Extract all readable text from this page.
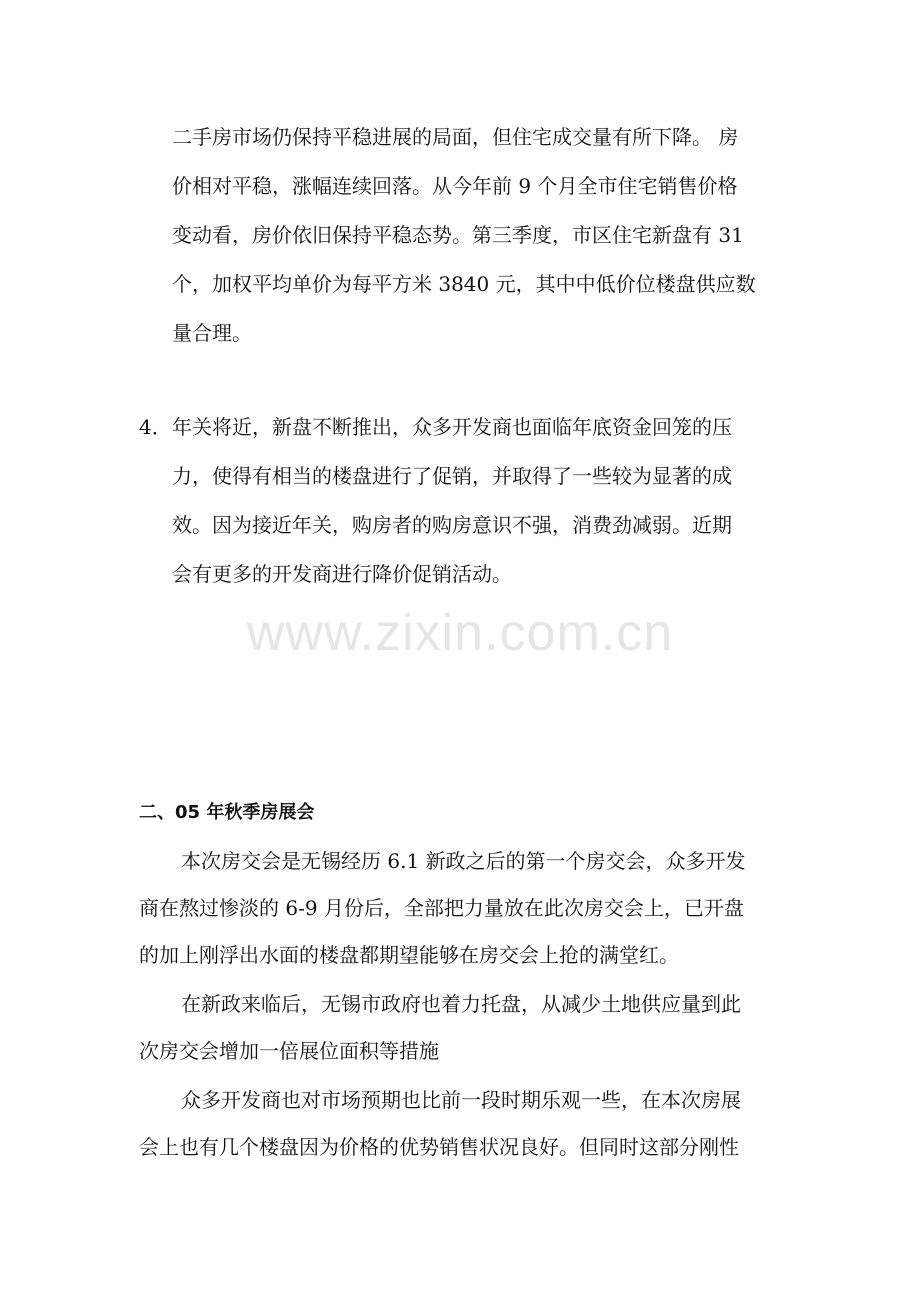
www.zixin.com.cn
二手房市场仍保持平稳进展的局面，但住宅成交量有所下降。 房
价相对平稳，涨幅连续回落。从今年前 9 个月全市住宅销售价格
变动看，房价依旧保持平稳态势。第三季度，市区住宅新盘有 31
个，加权平均单价为每平方米 3840 元，其中中低价位楼盘供应数
量合理。
4． 年关将近，新盘不断推出，众多开发商也面临年底资金回笼的压
力，使得有相当的楼盘进行了促销，并取得了一些较为显著的成
效。因为接近年关，购房者的购房意识不强，消费劲减弱。近期
会有更多的开发商进行降价促销活动。
二、05 年秋季房展会
本次房交会是无锡经历 6.1 新政之后的第一个房交会，众多开发
商在熬过惨淡的 6-9 月份后，全部把力量放在此次房交会上，已开盘
的加上刚浮出水面的楼盘都期望能够在房交会上抢的满堂红。
在新政来临后，无锡市政府也着力托盘，从减少土地供应量到此
次房交会增加一倍展位面积等措施
众多开发商也对市场预期也比前一段时期乐观一些，在本次房展
会上也有几个楼盘因为价格的优势销售状况良好。但同时这部分刚性
